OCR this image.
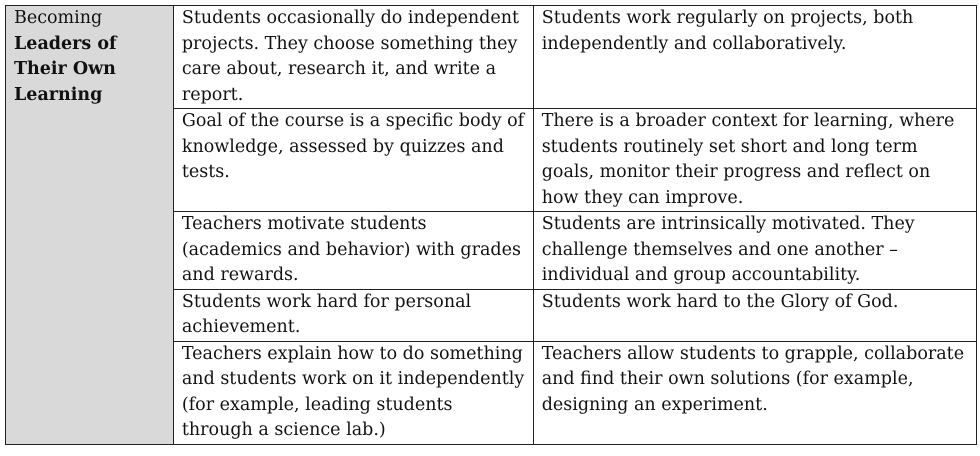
Becoming
Leaders of
Their Own
Learning	Students occasionally do independent projects. They choose something they care about, research it, and write a report.	Students work regularly on projects, both independently and collaboratively.
	Goal of the course is a specific body of knowledge, assessed by quizzes and tests.	There is a broader context for learning, where students routinely set short and long term goals, monitor their progress and reflect on how they can improve.
	Teachers motivate students (academics and behavior) with grades and rewards.	Students are intrinsically motivated. They challenge themselves and one another – individual and group accountability.
	Students work hard for personal achievement.	Students work hard to the Glory of God.
	Teachers explain how to do something and students work on it independently (for example, leading students through a science lab.)	Teachers allow students to grapple, collaborate and find their own solutions (for example, designing an experiment.
